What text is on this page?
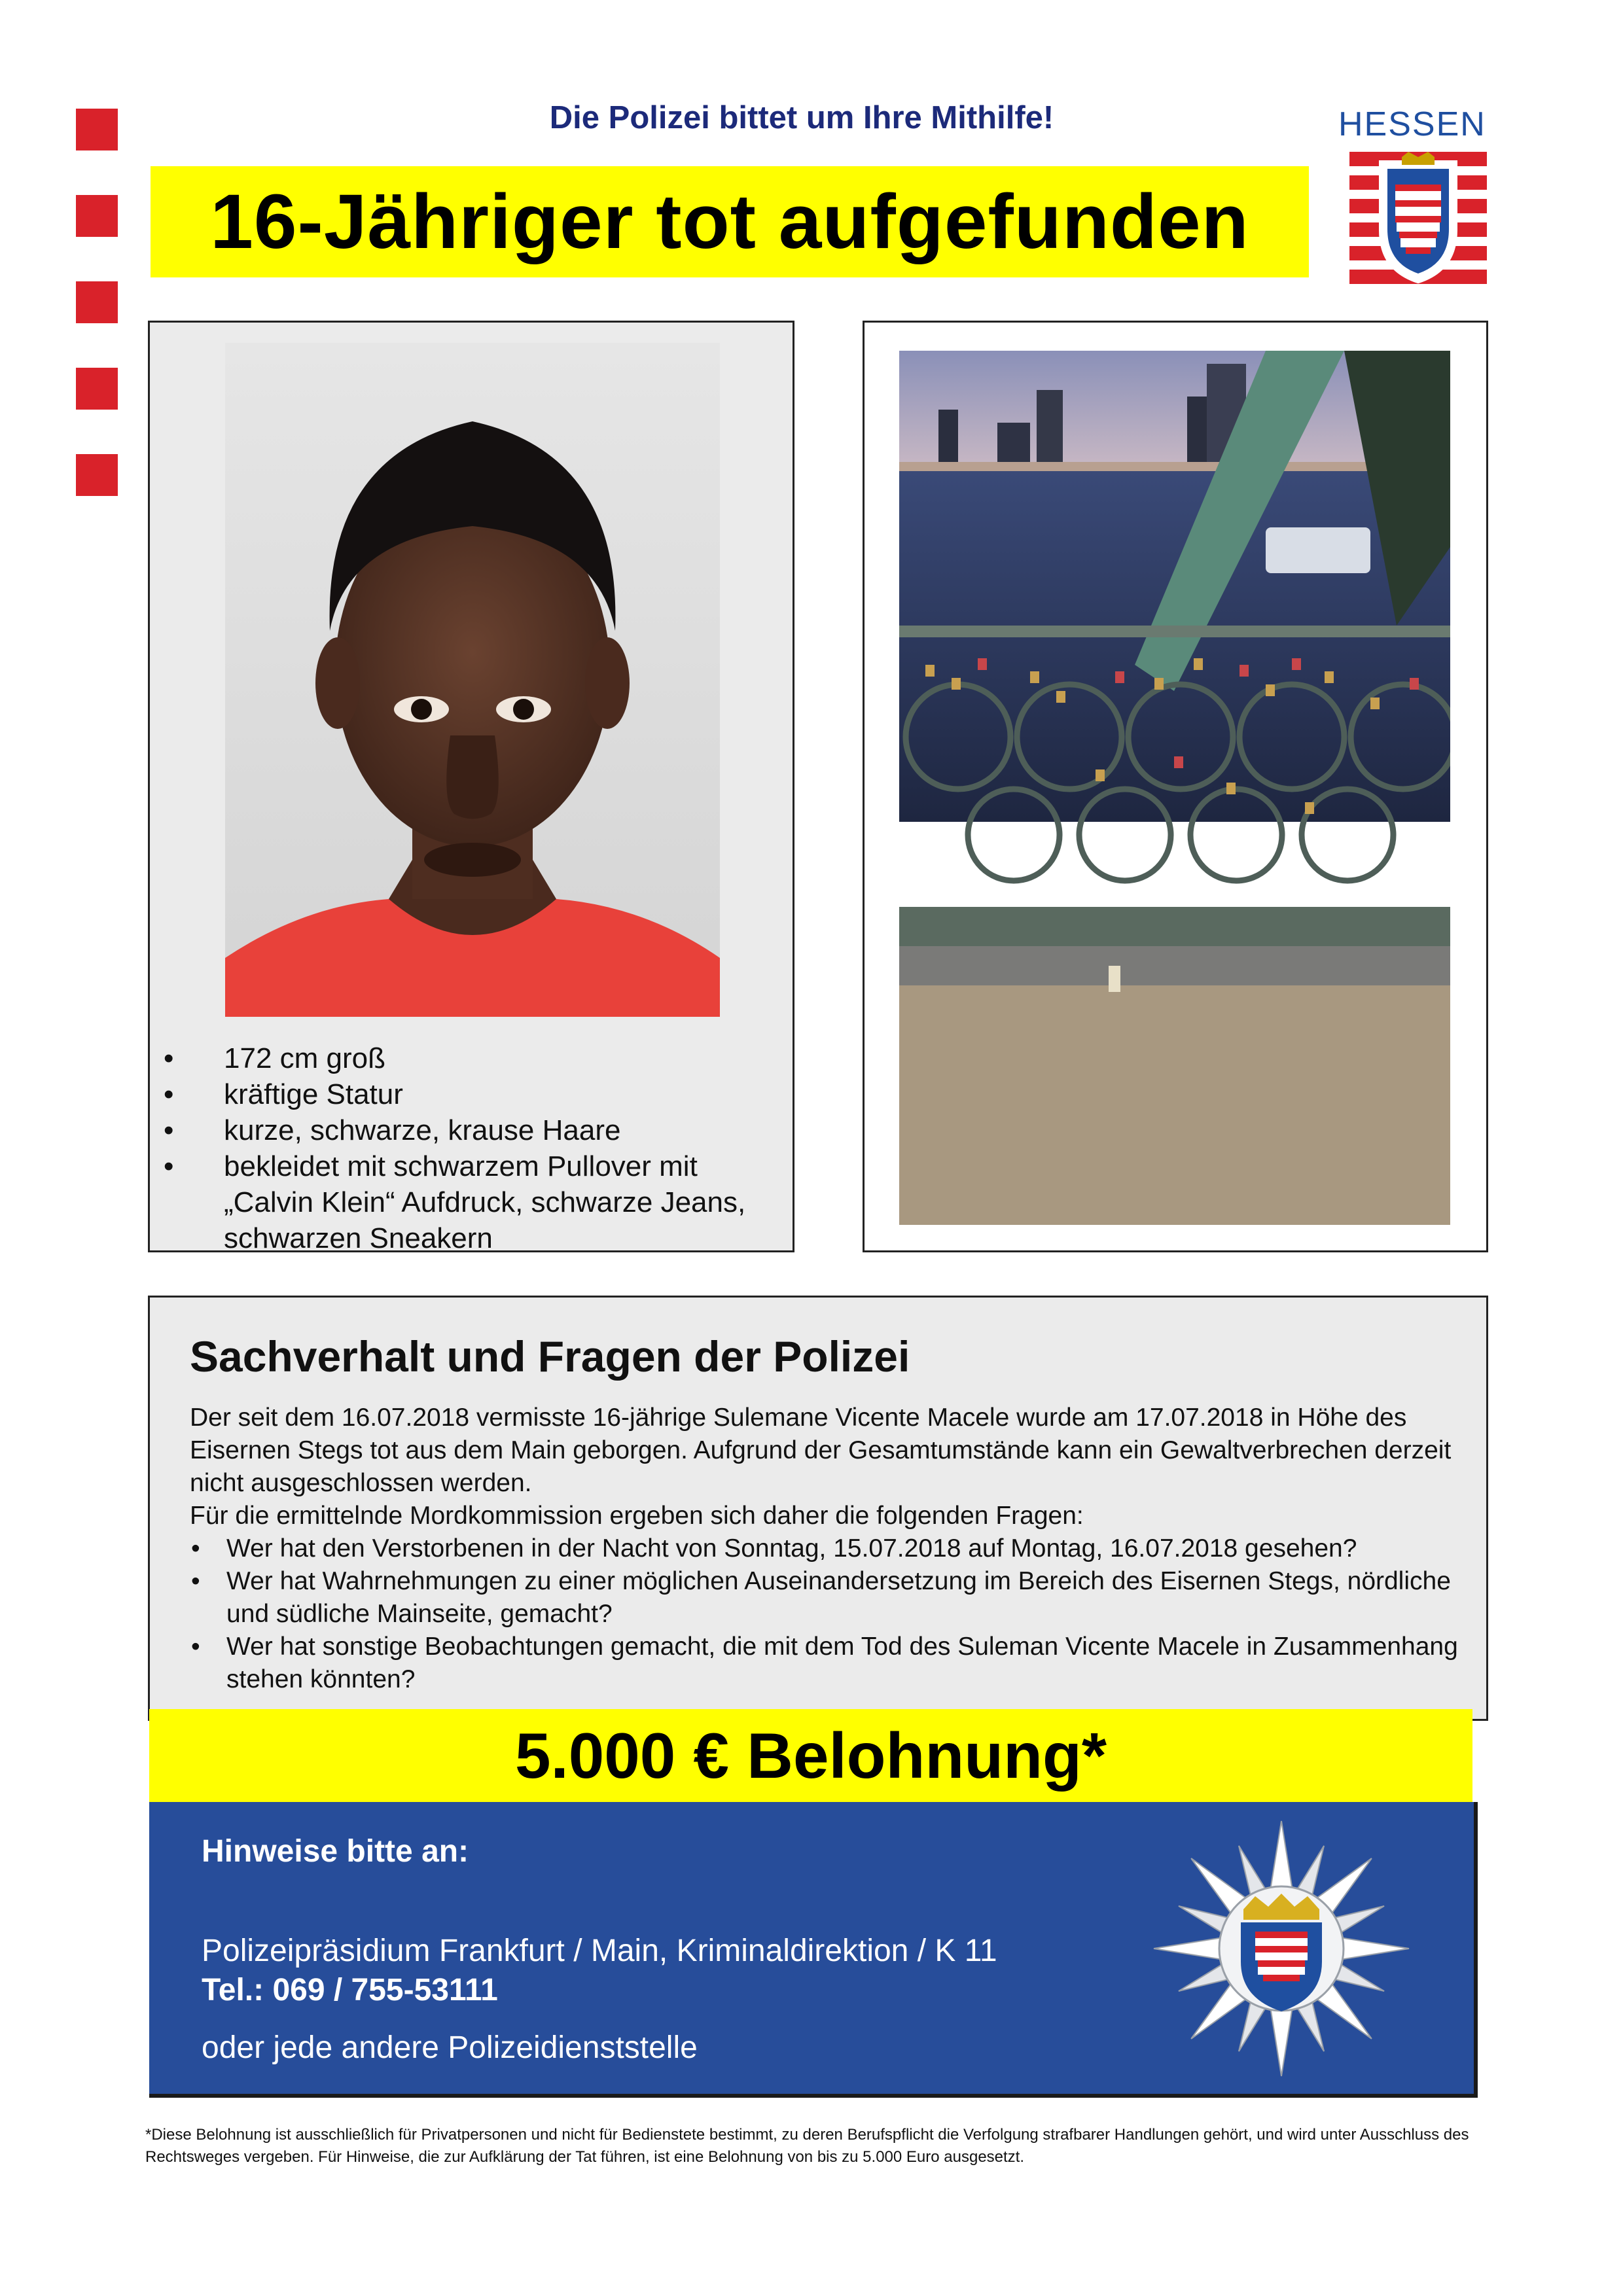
Die Polizei bittet um Ihre Mithilfe!
16-Jähriger tot aufgefunden
HESSEN
• 172 cm groß
• kräftige Statur
• kurze, schwarze, krause Haare
• bekleidet mit schwarzem Pullover mit „Calvin Klein“ Aufdruck, schwarze Jeans, schwarzen Sneakern
Sachverhalt und Fragen der Polizei

Der seit dem 16.07.2018 vermisste 16-jährige Sulemane Vicente Macele wurde am 17.07.2018 in Höhe des Eisernen Stegs tot aus dem Main geborgen. Aufgrund der Gesamtumstände kann ein Gewaltverbrechen derzeit nicht ausgeschlossen werden.

Für die ermittelnde Mordkommission ergeben sich daher die folgenden Fragen:

• Wer hat den Verstorbenen in der Nacht von Sonntag, 15.07.2018 auf Montag, 16.07.2018 gesehen?
• Wer hat Wahrnehmungen zu einer möglichen Auseinandersetzung im Bereich des Eisernen Stegs, nördliche und südliche Mainseite, gemacht?
• Wer hat sonstige Beobachtungen gemacht, die mit dem Tod des Suleman Vicente Macele in Zusammenhang stehen könnten?
5.000 € Belohnung*
Hinweise bitte an:
Polizeipräsidium Frankfurt / Main, Kriminaldirektion / K 11
Tel.: 069 / 755-53111
oder jede andere Polizeidienststelle
*Diese Belohnung ist ausschließlich für Privatpersonen und nicht für Bedienstete bestimmt, zu deren Berufspflicht die Verfolgung strafbarer Handlungen gehört, und wird unter Ausschluss des Rechtsweges vergeben. Für Hinweise, die zur Aufklärung der Tat führen, ist eine Belohnung von bis zu 5.000 Euro ausgesetzt.
